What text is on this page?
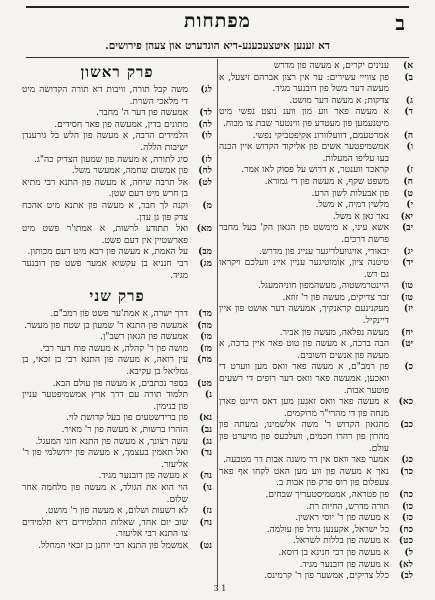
ב
מפתחות
דא זענען איטצעכענע-דיא הונדערט און צעהן פירושים.
א)
ענינים יקרים, א מעשה פון מדרש
ב)
פון צווייי עשירים: ער אין רצון אברהם זיצעל, א מעשה דער משל פון דובנער מגיד.
ג)
צדקות; א מעשה דער מושט.
ד)
א מעשה פאר ווע מון ווענ נוצט נפשי מיט מיטנעמען פון מעטדע פון ווינטער שבת צו מבוח.
ה)
אמרטעמם, דוועלוורונ אקיפטביקי נפשי.
ו)
אמשמיפטער אשים פון אליקוד הקדוש איין הכנה בעו עליפו המעלות.
ז)
קראכד ווענטר, א דרוש על פסוק לאו אמר.
ח)
משפט שקף, א מעשה פון די גמורא.
ט)
פון אבעלות לשון הרע.
י)
מלשין דמיה, א משל.
יא)
נאר גאן א משל.
יב)
אשא עיני, א מימשט פון הגאון הק' בעל מחבר פרשת דרכים.
יג)
יבאורי, אויגוועלדיגער עניינ פון מדרש.
יד)
טיטנה ציון, אומוטיגער עניין איינ וועלכם ויקראו גם רש.
טו)
היינטרמשטוה, מעשהמפון חוניהמעגל.
טז)
זכר צדיקים, מעשה פון ר' זוזא.
יז)
מעקנינעם קראנקיך, אמעשה דער אושט פון איין דיינקיל.
יח)
מעשה נפלאה, מעשה פון אביר.
יט)
הבה ברכה, א מעשה פון טוט פאר איין ברכה, א מעשה פון אנשים חשובים.
כ)
פון רמב"ם, א מעשה פאר וואס מען ווערט די וואכען, אמעשה פאר וואס דער רופים די רשעים פוטער אבות.
כא)
א מעשה פאר וואס זאגען מען דאס היינט פארן מנחה פון די מהרי"ר מרוקמים.
כב)
מהגאון הקדוש ר' משה אלשמינו, גמעתה פון מהרון פון רהרו חכמים, וועלכעס פון מויערט פון עולם.
כג)
אמער פאר וואס אין דר משנה אבות דר מטבעה.
כד)
נאך א מעשה פון ווע מען האט לקחו אף פאר צעפלום פון רוס פרק פון אבות ב.
כה)
פון פטראה, אמטמיסטעריך שבחים.
כו)
תורה מדרש, החיות רת.
כז)
א מעשה פון ר' יוסי ראשין.
כח)
כל ישראל, אקענען גדול פון עולמה.
כט)
א מעשה פון בללות לשראל.
ל)
א מעשה פון רבי חנינא בן דוסא.
לא)
א מעשה פון דובנער מגיד.
לב)
כלל צדיקים, אמשער פון ר' קרמינס.
פרק ראשון
לג)
משה קבל תורה, וויבות דא תורה הקדושה מיט די מלאכי השרת.
לד)
אמעשה פון דער ה' מחבר.
לה)
מתונים בדין, אמעשה פון פאר חסידים.
לו)
הלמידים הרבה, א מעשה פון הלש בל גירענדן ישיבות הללה.
לז)
סיג לתורה, א מעשה פון שמעון הצדיק כה"ג.
לח)
פון אמשום שחמה, אמעשר משל.
לט)
אל תרבה שיחה, א מעשה פון התנא רבי מתיא בן חרש מיט דעם שטן.
מ)
וקנה לך חבר, א מעשה פון אתנא מיט אהכח צדק פון גן עדן.
מא)
ואל תתודע לרשות, א אמתו'ר פשט מיט פארשטיין אין דעם פשט.
מב)
על האמת, א מעשה פון רבא מיט דעם מכותון.
מג)
רבי חנניא בן עקשיא אמער פשט פון דובנער מגיד.
פרק שני
מד)
דרך ישרה, א אמת'ער פשט פון רמב"ם.
מה)
אמעשה פון התנא ר' שמעון בן שטח פון מעשר.
מו)
אמעשה פון הגאון רשב"ן.
מז)
מושה פון ר' קהלה, א מעשה פוח דער רבי.
מח)
עין רואה, א מעשה פון התנא רבי בן זכאי, בן גמליאל בן עקיבא.
מט)
בספר נכתבים, א מעשה פון עולם הבא.
נ)
תלמוד תורה עם דרך ארץ אמשמיפטער עניין פון בנימין.
נא)
פון ברידשטעים פון בעל קדושת לוי.
נב)
הזהרו ברשות, א מעשה פון ר' מאיר.
נג)
עשה רצונך, א מעשה פון התנא חוני המעגל.
נד)
ואל תאמין בעצמך, א מעשה פון ירושלמי פון ר' אליעזר.
נה)
א מעשה פון דובנער מגיד.
נו)
הוי הוא את הגולד, א מעשה פון מלחמה אחר שלום.
נז)
לא רשעות ושלום, א מעשה פון ר' מושט.
נח)
שוב יום אחד, שאלות התלמידים דיא תלמידים צו התנא רבי אליעזר.
נט)
אמשמל פון התנא רבי יוחנן בן זכאי המחלל.
3 1
